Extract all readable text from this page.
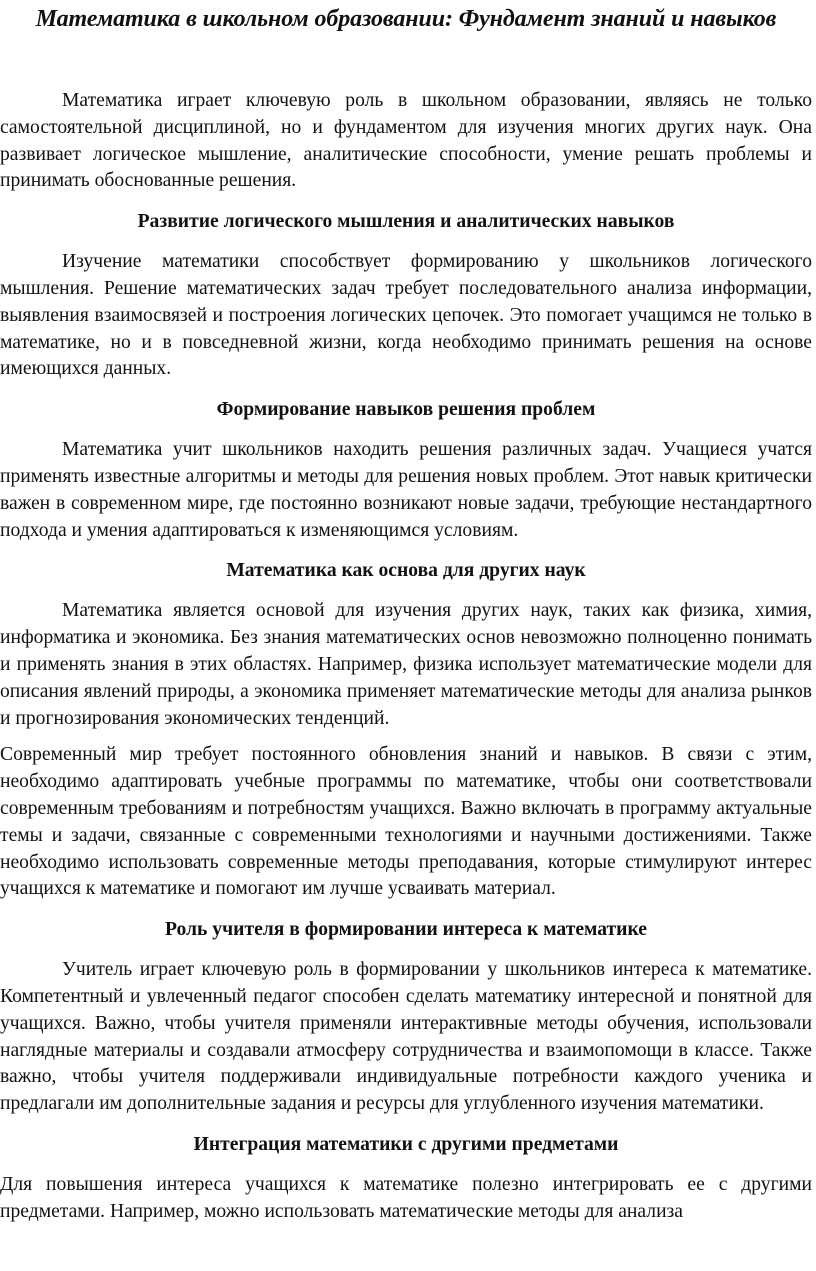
Математика в школьном образовании: Фундамент знаний и навыков

Математика играет ключевую роль в школьном образовании, являясь не только самостоятельной дисциплиной, но и фундаментом для изучения многих других наук. Она развивает логическое мышление, аналитические способности, умение решать проблемы и принимать обоснованные решения.

Развитие логического мышления и аналитических навыков

Изучение математики способствует формированию у школьников логического мышления. Решение математических задач требует последовательного анализа информации, выявления взаимосвязей и построения логических цепочек. Это помогает учащимся не только в математике, но и в повседневной жизни, когда необходимо принимать решения на основе имеющихся данных.

Формирование навыков решения проблем

Математика учит школьников находить решения различных задач. Учащиеся учатся применять известные алгоритмы и методы для решения новых проблем. Этот навык критически важен в современном мире, где постоянно возникают новые задачи, требующие нестандартного подхода и умения адаптироваться к изменяющимся условиям.

Математика как основа для других наук

Математика является основой для изучения других наук, таких как физика, химия, информатика и экономика. Без знания математических основ невозможно полноценно понимать и применять знания в этих областях. Например, физика использует математические модели для описания явлений природы, а экономика применяет математические методы для анализа рынков и прогнозирования экономических тенденций.

Современный мир требует постоянного обновления знаний и навыков. В связи с этим, необходимо адаптировать учебные программы по математике, чтобы они соответствовали современным требованиям и потребностям учащихся. Важно включать в программу актуальные темы и задачи, связанные с современными технологиями и научными достижениями. Также необходимо использовать современные методы преподавания, которые стимулируют интерес учащихся к математике и помогают им лучше усваивать материал.

Роль учителя в формировании интереса к математике

Учитель играет ключевую роль в формировании у школьников интереса к математике. Компетентный и увлеченный педагог способен сделать математику интересной и понятной для учащихся. Важно, чтобы учителя применяли интерактивные методы обучения, использовали наглядные материалы и создавали атмосферу сотрудничества и взаимопомощи в классе. Также важно, чтобы учителя поддерживали индивидуальные потребности каждого ученика и предлагали им дополнительные задания и ресурсы для углубленного изучения математики.

Интеграция математики с другими предметами

Для повышения интереса учащихся к математике полезно интегрировать ее с другими предметами. Например, можно использовать математические методы для анализа
